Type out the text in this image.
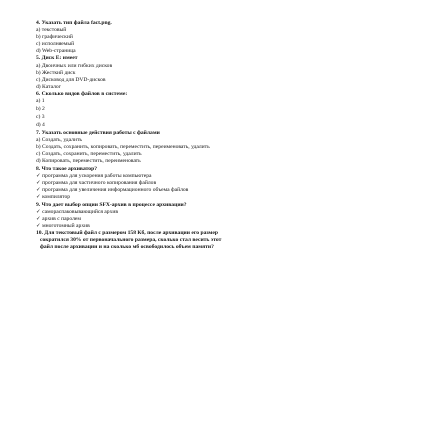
4. Указать тип файла fact.png.
а) текстовый
b) графический
с) исполняемый
d) Web-страница
5. Диск E: имеет
а) Двоичных или гибких дисков
b) Жесткий диск
с) Дисковод для DVD-дисков
d) Каталог
6. Сколько видов файлов в системе:
а) 1
b) 2
с) 3
d) 4
7. Указать основные действия работы с файлами
а) Создать, удалить
b) Создать, сохранить, копировать, переместить, переименовать, удалить
с) Создать, сохранить, переместить, удалить
d) Копировать, переместить, переименовать
8. Что такое архиватор?
✓ программа для ускорения работы компьютера
✓ программа для частичного копирования файлов
✓ программа для увеличения информационного объема файлов
✓ компилятор
9. Что дает выбор опции SFX-архив в процессе архивации?
✓ самораспаковывающийся архив
✓ архив с паролем
✓ многотомный архив
10. Для текстовый файл с размером 158 Кб, после архивации его размер
сократился 30% от первоначального размера, сколько стал весить этот
файл после архивации и на сколько мб освободилось объем памяти?
